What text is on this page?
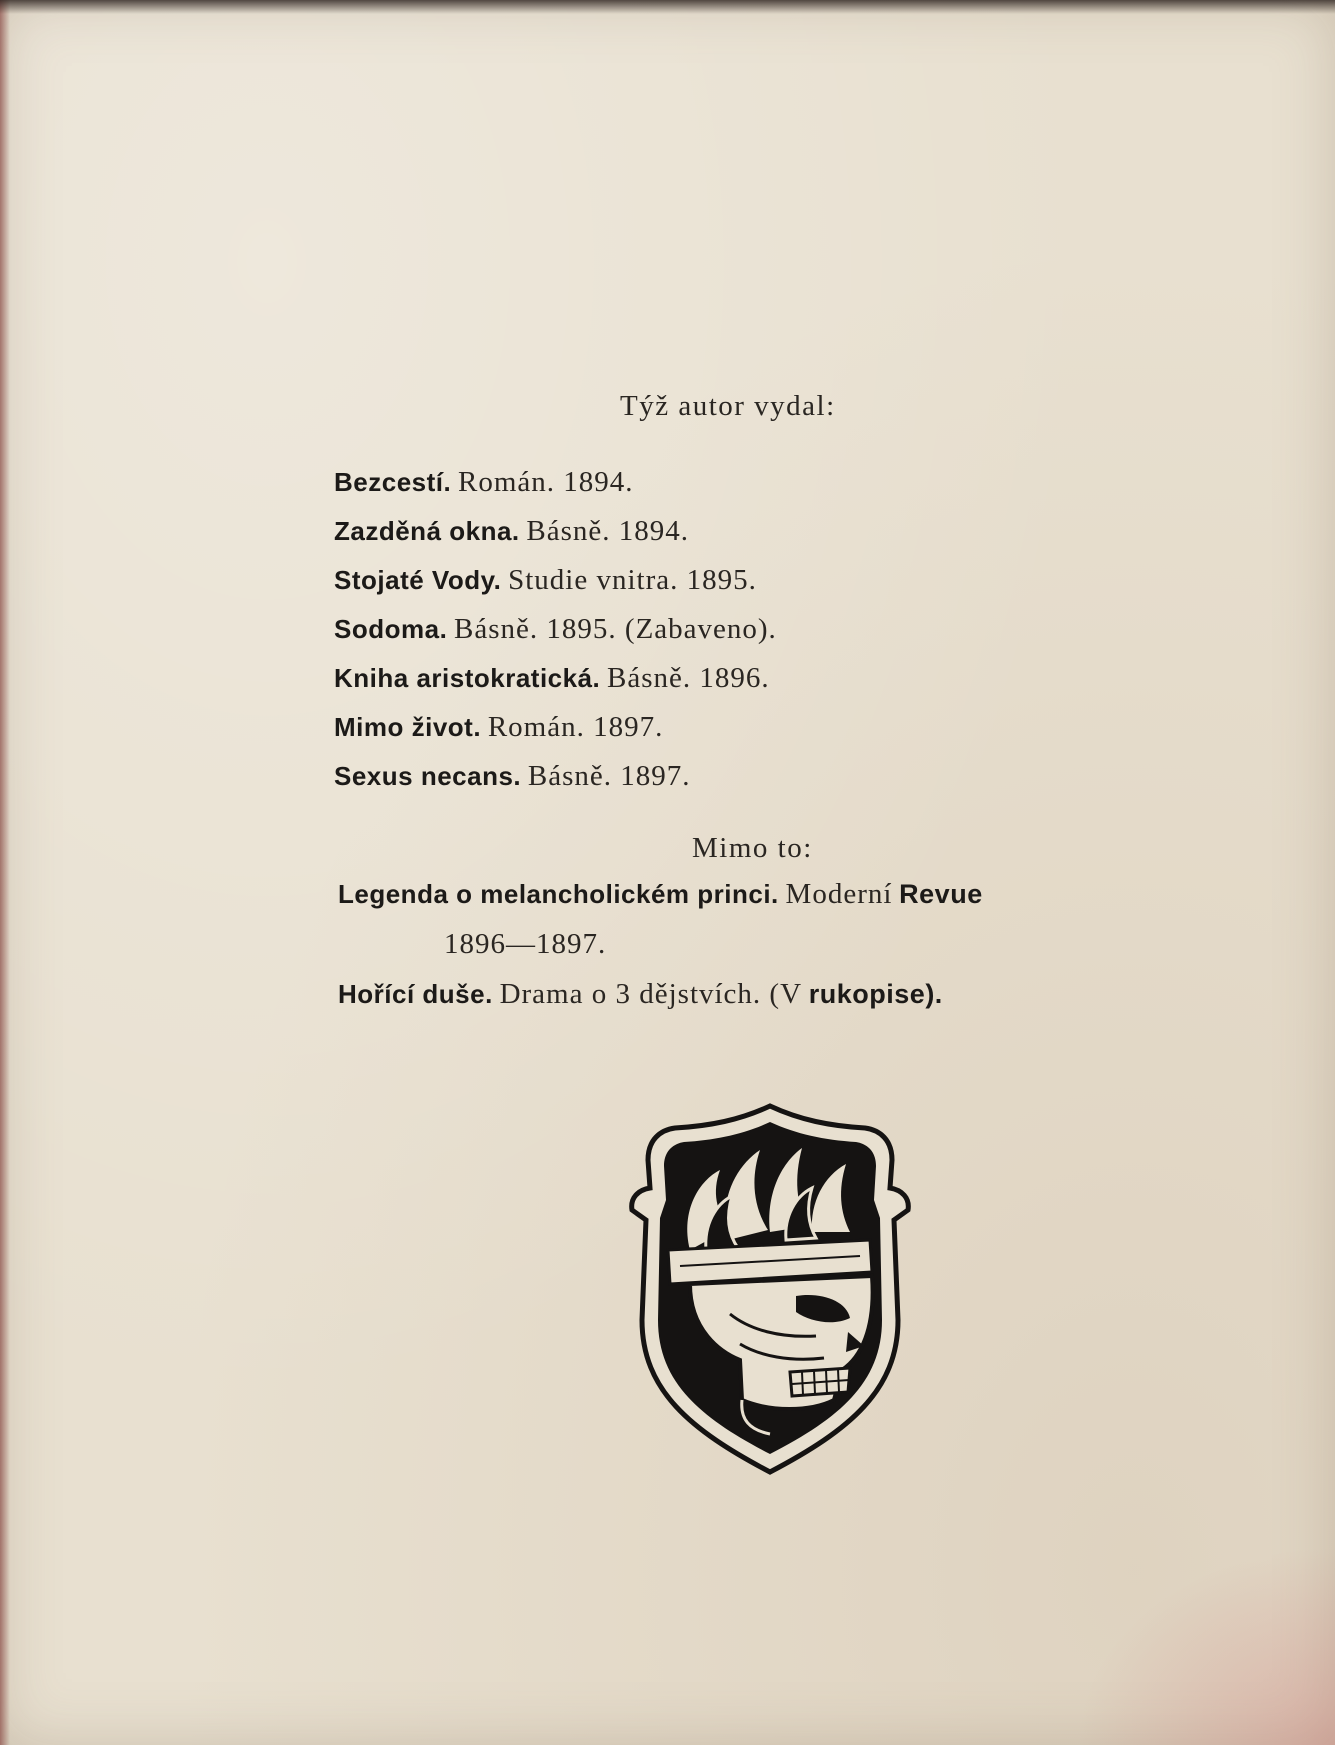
Týž autor vydal:
Bezcestí. Román. 1894.
Zazděná okna. Básně. 1894.
Stojaté Vody. Studie vnitra. 1895.
Sodoma. Básně. 1895. (Zabaveno).
Kniha aristokratická. Básně. 1896.
Mimo život. Román. 1897.
Sexus necans. Básně. 1897.
Mimo to:
Legenda o melancholickém princi. Moderní Revue
1896—1897.
Hořící duše. Drama o 3 dějstvích. (V rukopise).
